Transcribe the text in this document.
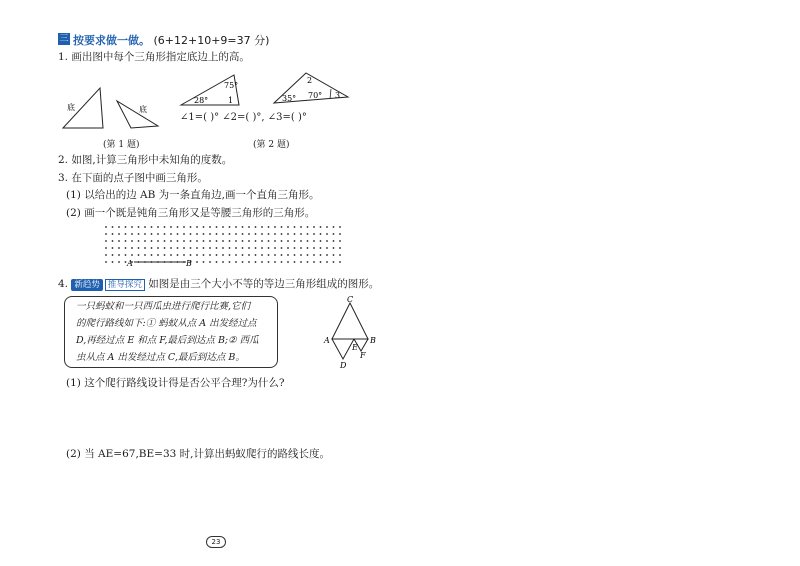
三 按要求做一做。 (6+12+10+9=37 分)
1. 画出图中每个三角形指定底边上的高。
底	底
(第 1 题)
75°
28° 1
2
35° 70° 3
∠1=( )° ∠2=( )°, ∠3=( )°
(第 2 题)
2. 如图,计算三角形中未知角的度数。
3. 在下面的点子图中画三角形。
(1) 以给出的边 AB 为一条直角边,画一个直角三角形。
(2) 画一个既是钝角三角形又是等腰三角形的三角形。
A	B
4. 新趋势 推导探究 如图是由三个大小不等的等边三角形组成的图形。
一只蚂蚁和一只西瓜虫进行爬行比赛,它们
的爬行路线如下:① 蚂蚁从点 A 出发经过点
D,再经过点 E 和点 F,最后到达点 B;② 西瓜
虫从点 A 出发经过点 C,最后到达点 B。
C
A	B
E
F
D
(1) 这个爬行路线设计得是否公平合理?为什么?
(2) 当 AE=67,BE=33 时,计算出蚂蚁爬行的路线长度。
23
